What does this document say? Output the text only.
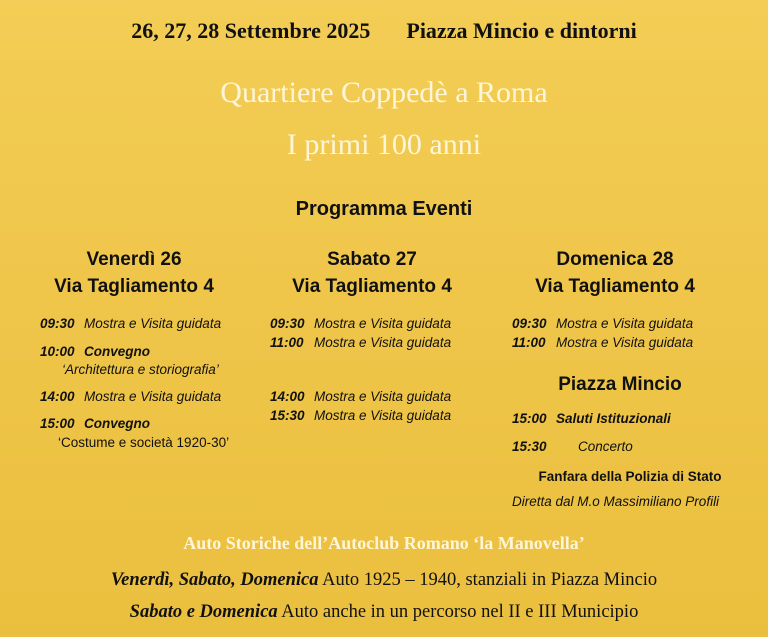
26, 27, 28 Settembre 2025 Piazza Mincio e dintorni
Quartiere Coppedè a Roma
I primi 100 anni
Programma Eventi
Venerdì 26
Via Tagliamento 4
09:30 Mostra e Visita guidata
10:00 Convegno
‘Architettura e storiografia’
14:00 Mostra e Visita guidata
15:00 Convegno
‘Costume e società 1920-30’
Sabato 27
Via Tagliamento 4
09:30 Mostra e Visita guidata
11:00 Mostra e Visita guidata
14:00 Mostra e Visita guidata
15:30 Mostra e Visita guidata
Domenica 28
Via Tagliamento 4
09:30 Mostra e Visita guidata
11:00 Mostra e Visita guidata
Piazza Mincio
15:00 Saluti Istituzionali
15:30 Concerto
Fanfara della Polizia di Stato
Diretta dal M.o Massimiliano Profili
Auto Storiche dell’Autoclub Romano ‘la Manovella’
Venerdì, Sabato, Domenica Auto 1925 – 1940, stanziali in Piazza Mincio
Sabato e Domenica Auto anche in un percorso nel II e III Municipio
